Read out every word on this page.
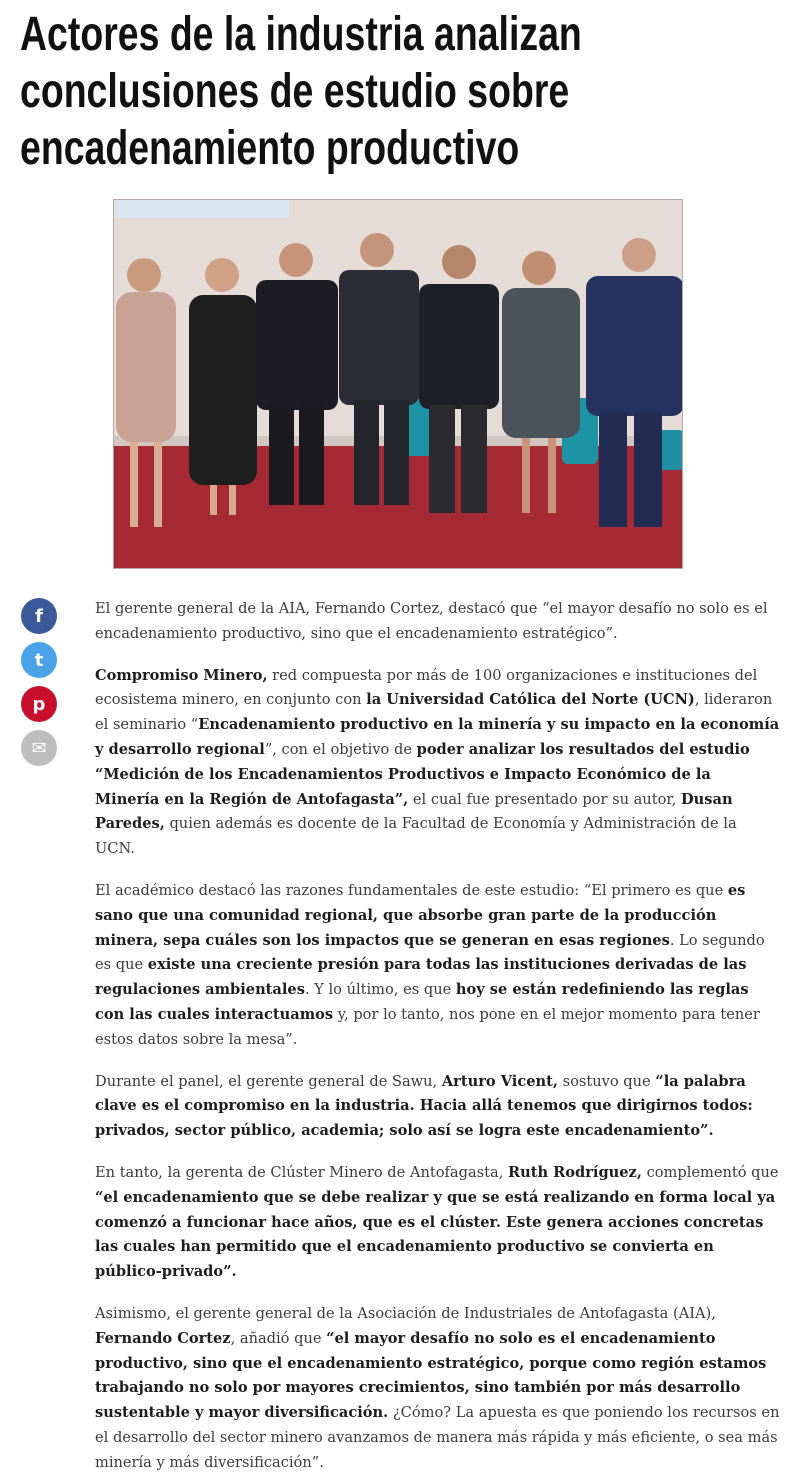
Actores de la industria analizan
conclusiones de estudio sobre
encadenamiento productivo
f
t
p
✉

El gerente general de la AIA, Fernando Cortez, destacó que “el mayor desafío no solo es el encadenamiento productivo, sino que el encadenamiento estratégico”.

Compromiso Minero, red compuesta por más de 100 organizaciones e instituciones del ecosistema minero, en conjunto con la Universidad Católica del Norte (UCN), lideraron el seminario “Encadenamiento productivo en la minería y su impacto en la economía y desarrollo regional”, con el objetivo de poder analizar los resultados del estudio “Medición de los Encadenamientos Productivos e Impacto Económico de la Minería en la Región de Antofagasta”, el cual fue presentado por su autor, Dusan Paredes, quien además es docente de la Facultad de Economía y Administración de la UCN.

El académico destacó las razones fundamentales de este estudio: “El primero es que es sano que una comunidad regional, que absorbe gran parte de la producción minera, sepa cuáles son los impactos que se generan en esas regiones. Lo segundo es que existe una creciente presión para todas las instituciones derivadas de las regulaciones ambientales. Y lo último, es que hoy se están redefiniendo las reglas con las cuales interactuamos y, por lo tanto, nos pone en el mejor momento para tener estos datos sobre la mesa”.

Durante el panel, el gerente general de Sawu, Arturo Vicent, sostuvo que “la palabra clave es el compromiso en la industria. Hacia allá tenemos que dirigirnos todos: privados, sector público, academia; solo así se logra este encadenamiento”.

En tanto, la gerenta de Clúster Minero de Antofagasta, Ruth Rodríguez, complementó que “el encadenamiento que se debe realizar y que se está realizando en forma local ya comenzó a funcionar hace años, que es el clúster. Este genera acciones concretas las cuales han permitido que el encadenamiento productivo se convierta en público-privado”.

Asimismo, el gerente general de la Asociación de Industriales de Antofagasta (AIA), Fernando Cortez, añadió que “el mayor desafío no solo es el encadenamiento productivo, sino que el encadenamiento estratégico, porque como región estamos trabajando no solo por mayores crecimientos, sino también por más desarrollo sustentable y mayor diversificación. ¿Cómo? La apuesta es que poniendo los recursos en el desarrollo del sector minero avanzamos de manera más rápida y más eficiente, o sea más minería y más diversificación”.
